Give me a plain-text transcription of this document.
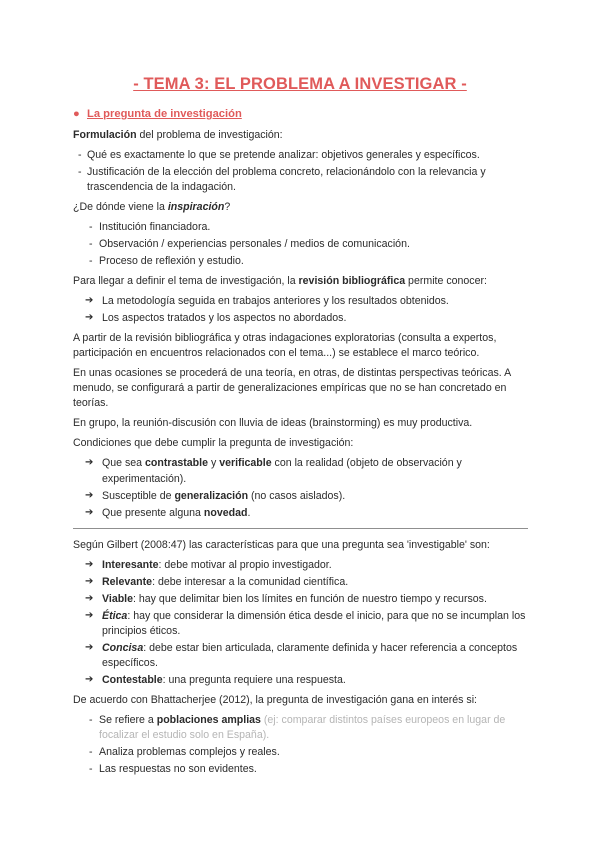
- TEMA 3: EL PROBLEMA A INVESTIGAR -
● La pregunta de investigación

Formulación del problema de investigación:

- Qué es exactamente lo que se pretende analizar: objetivos generales y específicos.
- Justificación de la elección del problema concreto, relacionándolo con la relevancia y trascendencia de la indagación.

¿De dónde viene la inspiración?

- Institución financiadora.
- Observación / experiencias personales / medios de comunicación.
- Proceso de reflexión y estudio.

Para llegar a definir el tema de investigación, la revisión bibliográfica permite conocer:

➔ La metodología seguida en trabajos anteriores y los resultados obtenidos.
➔ Los aspectos tratados y los aspectos no abordados.

A partir de la revisión bibliográfica y otras indagaciones exploratorias (consulta a expertos, participación en encuentros relacionados con el tema...) se establece el marco teórico.

En unas ocasiones se procederá de una teoría, en otras, de distintas perspectivas teóricas. A menudo, se configurará a partir de generalizaciones empíricas que no se han concretado en teorías.

En grupo, la reunión-discusión con lluvia de ideas (brainstorming) es muy productiva.

Condiciones que debe cumplir la pregunta de investigación:

➔ Que sea contrastable y verificable con la realidad (objeto de observación y experimentación).
➔ Susceptible de generalización (no casos aislados).
➔ Que presente alguna novedad.

Según Gilbert (2008:47) las características para que una pregunta sea 'investigable' son:

➔ Interesante: debe motivar al propio investigador.
➔ Relevante: debe interesar a la comunidad científica.
➔ Viable: hay que delimitar bien los límites en función de nuestro tiempo y recursos.
➔ Ética: hay que considerar la dimensión ética desde el inicio, para que no se incumplan los principios éticos.
➔ Concisa: debe estar bien articulada, claramente definida y hacer referencia a conceptos específicos.
➔ Contestable: una pregunta requiere una respuesta.

De acuerdo con Bhattacherjee (2012), la pregunta de investigación gana en interés si:

- Se refiere a poblaciones amplias (ej: comparar distintos países europeos en lugar de focalizar el estudio solo en España).
- Analiza problemas complejos y reales.
- Las respuestas no son evidentes.
